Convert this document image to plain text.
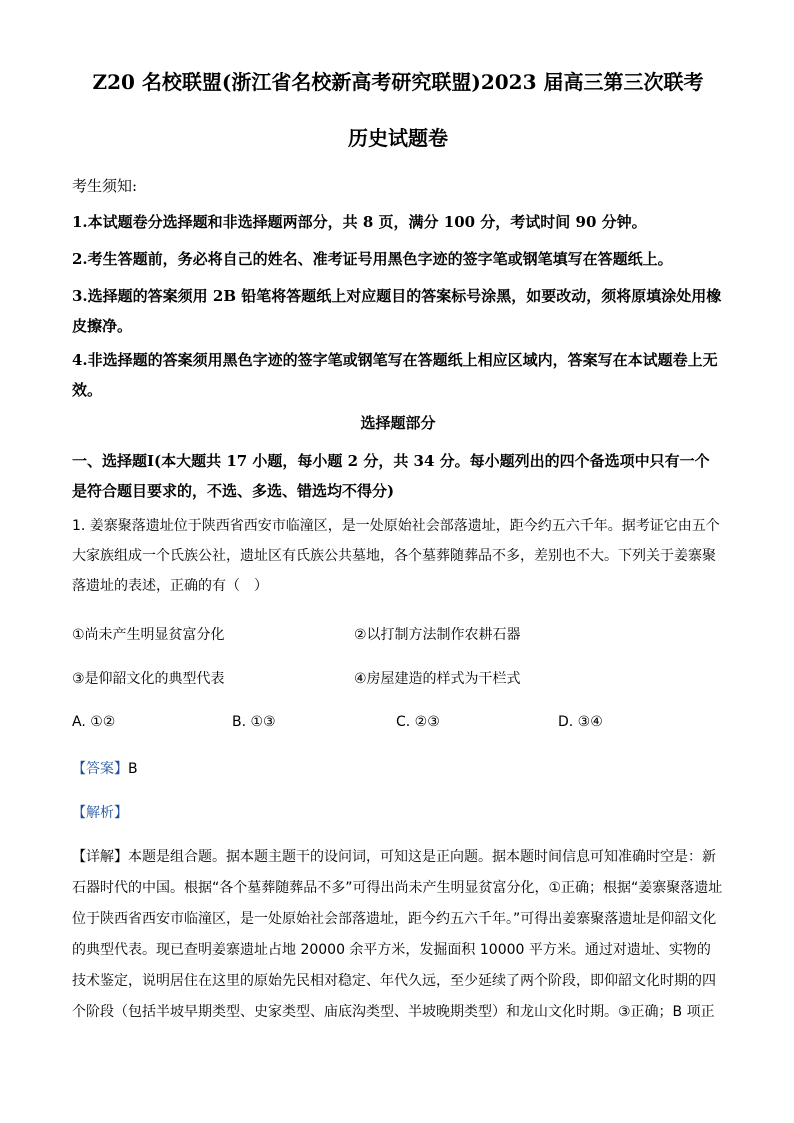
Z20 名校联盟(浙江省名校新高考研究联盟)2023 届高三第三次联考
历史试题卷
考生须知:
1.本试题卷分选择题和非选择题两部分，共 8 页，满分 100 分，考试时间 90 分钟。
2.考生答题前，务必将自己的姓名、准考证号用黑色字迹的签字笔或钢笔填写在答题纸上。
3.选择题的答案须用 2B 铅笔将答题纸上对应题目的答案标号涂黑，如要改动，须将原填涂处用橡皮擦净。
4.非选择题的答案须用黑色字迹的签字笔或钢笔写在答题纸上相应区域内，答案写在本试题卷上无效。
选择题部分
一、选择题Ⅰ(本大题共 17 小题，每小题 2 分，共 34 分。每小题列出的四个备选项中只有一个是符合题目要求的，不选、多选、错选均不得分)
1. 姜寨聚落遗址位于陕西省西安市临潼区，是一处原始社会部落遗址，距今约五六千年。据考证它由五个大家族组成一个氏族公社，遗址区有氏族公共墓地，各个墓葬随葬品不多，差别也不大。下列关于姜寨聚落遗址的表述，正确的有（　）
①尚未产生明显贫富分化	②以打制方法制作农耕石器
③是仰韶文化的典型代表	④房屋建造的样式为干栏式
A. ①②	B. ①③	C. ②③	D. ③④
【答案】B
【解析】
【详解】本题是组合题。据本题主题干的设问词，可知这是正向题。据本题时间信息可知准确时空是：新石器时代的中国。根据“各个墓葬随葬品不多”可得出尚未产生明显贫富分化，①正确；根据“姜寨聚落遗址位于陕西省西安市临潼区，是一处原始社会部落遗址，距今约五六千年。”可得出姜寨聚落遗址是仰韶文化的典型代表。现已查明姜寨遗址占地 20000 余平方米，发掘面积 10000 平方米。通过对遗址、实物的技术鉴定，说明居住在这里的原始先民相对稳定、年代久远，至少延续了两个阶段，即仰韶文化时期的四个阶段（包括半坡早期类型、史家类型、庙底沟类型、半坡晚期类型）和龙山文化时期。③正确；B 项正
